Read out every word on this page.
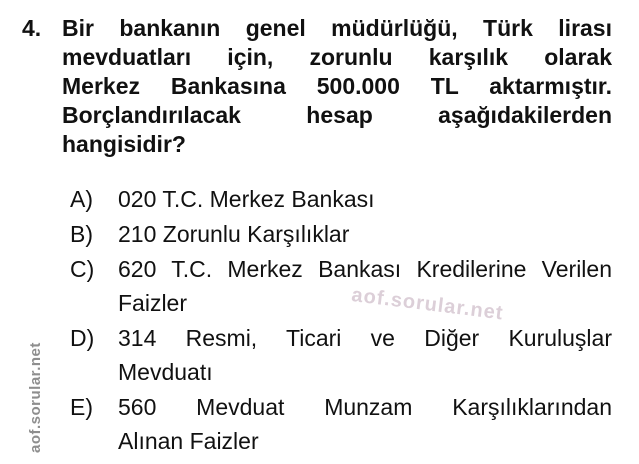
aof.sorular.net
aof.sorular.net
4. Bir bankanın genel müdürlüğü, Türk lirası
mevduatları için, zorunlu karşılık olarak
Merkez Bankasına 500.000 TL aktarmıştır.
Borçlandırılacak hesap aşağıdakilerden
hangisidir?
A)	020 T.C. Merkez Bankası
B)	210 Zorunlu Karşılıklar
C)	620 T.C. Merkez Bankası Kredilerine Verilen
Faizler
D)	314 Resmi, Ticari ve Diğer Kuruluşlar
Mevduatı
E)	560 Mevduat Munzam Karşılıklarından
Alınan Faizler
